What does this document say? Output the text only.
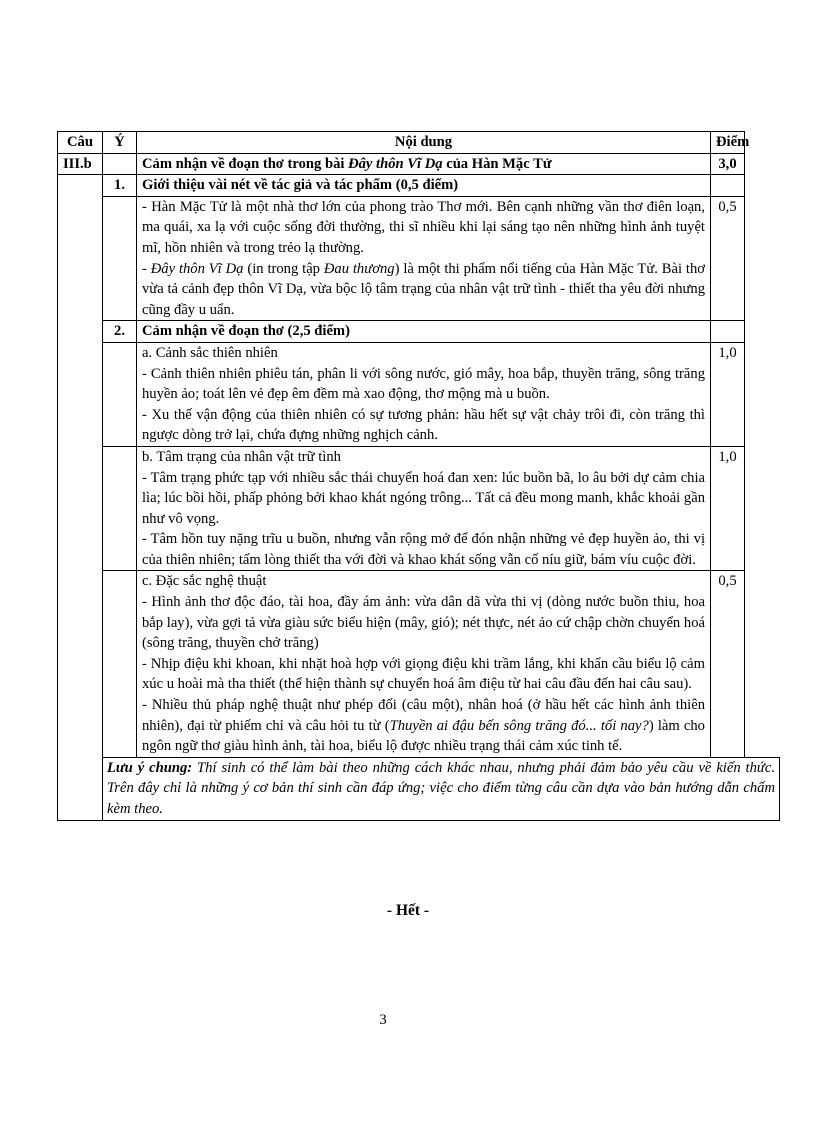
Câu	Ý	Nội dung	Điểm
III.b		Cảm nhận về đoạn thơ trong bài Đây thôn Vĩ Dạ của Hàn Mặc Tử	3,0
	1.	Giới thiệu vài nét về tác giả và tác phẩm (0,5 điểm)	

		- Hàn Mặc Tử là một nhà thơ lớn của phong trào Thơ mới. Bên cạnh những vần thơ điên loạn, ma quái, xa lạ với cuộc sống đời thường, thi sĩ nhiều khi lại sáng tạo nên những hình ảnh tuyệt mĩ, hồn nhiên và trong trẻo lạ thường.
- Đây thôn Vĩ Dạ (in trong tập Đau thương) là một thi phẩm nổi tiếng của Hàn Mặc Tử. Bài thơ vừa tả cảnh đẹp thôn Vĩ Dạ, vừa bộc lộ tâm trạng của nhân vật trữ tình - thiết tha yêu đời nhưng cũng đầy u uẩn.	0,5
	2.	Cảm nhận về đoạn thơ (2,5 điểm)	

		a. Cảnh sắc thiên nhiên
- Cảnh thiên nhiên phiêu tán, phân li với sông nước, gió mây, hoa bắp, thuyền trăng, sông trăng huyền ảo; toát lên vẻ đẹp êm đềm mà xao động, thơ mộng mà u buồn.
- Xu thế vận động của thiên nhiên có sự tương phản: hầu hết sự vật chảy trôi đi, còn trăng thì ngược dòng trở lại, chứa đựng những nghịch cảnh.	1,0

		b. Tâm trạng của nhân vật trữ tình
- Tâm trạng phức tạp với nhiều sắc thái chuyển hoá đan xen: lúc buồn bã, lo âu bởi dự cảm chia lìa; lúc bồi hồi, phấp phỏng bởi khao khát ngóng trông... Tất cả đều mong manh, khắc khoải gần như vô vọng.
- Tâm hồn tuy nặng trĩu u buồn, nhưng vẫn rộng mở để đón nhận những vẻ đẹp huyền ảo, thi vị của thiên nhiên; tấm lòng thiết tha với đời và khao khát sống vẫn cố níu giữ, bám víu cuộc đời.	1,0

		c. Đặc sắc nghệ thuật
- Hình ảnh thơ độc đáo, tài hoa, đầy ám ảnh: vừa dân dã vừa thi vị (dòng nước buồn thiu, hoa bắp lay), vừa gợi tả vừa giàu sức biểu hiện (mây, gió); nét thực, nét ảo cứ chập chờn chuyển hoá (sông trăng, thuyền chở trăng)
- Nhịp điệu khi khoan, khi nhặt hoà hợp với giọng điệu khi trầm lắng, khi khẩn cầu biểu lộ cảm xúc u hoài mà tha thiết (thể hiện thành sự chuyển hoá âm điệu từ hai câu đầu đến hai câu sau).
- Nhiều thủ pháp nghệ thuật như phép đối (câu một), nhân hoá (ở hầu hết các hình ảnh thiên nhiên), đại từ phiếm chỉ và câu hỏi tu từ (Thuyền ai đậu bến sông trăng đó... tối nay?) làm cho ngôn ngữ thơ giàu hình ảnh, tài hoa, biểu lộ được nhiều trạng thái cảm xúc tinh tế.	0,5
	Lưu ý chung: Thí sinh có thể làm bài theo những cách khác nhau, nhưng phải đảm bảo yêu cầu về kiến thức. Trên đây chỉ là những ý cơ bản thí sinh cần đáp ứng; việc cho điểm từng câu cần dựa vào bản hướng dẫn chấm kèm theo.		
- Hết -
3
